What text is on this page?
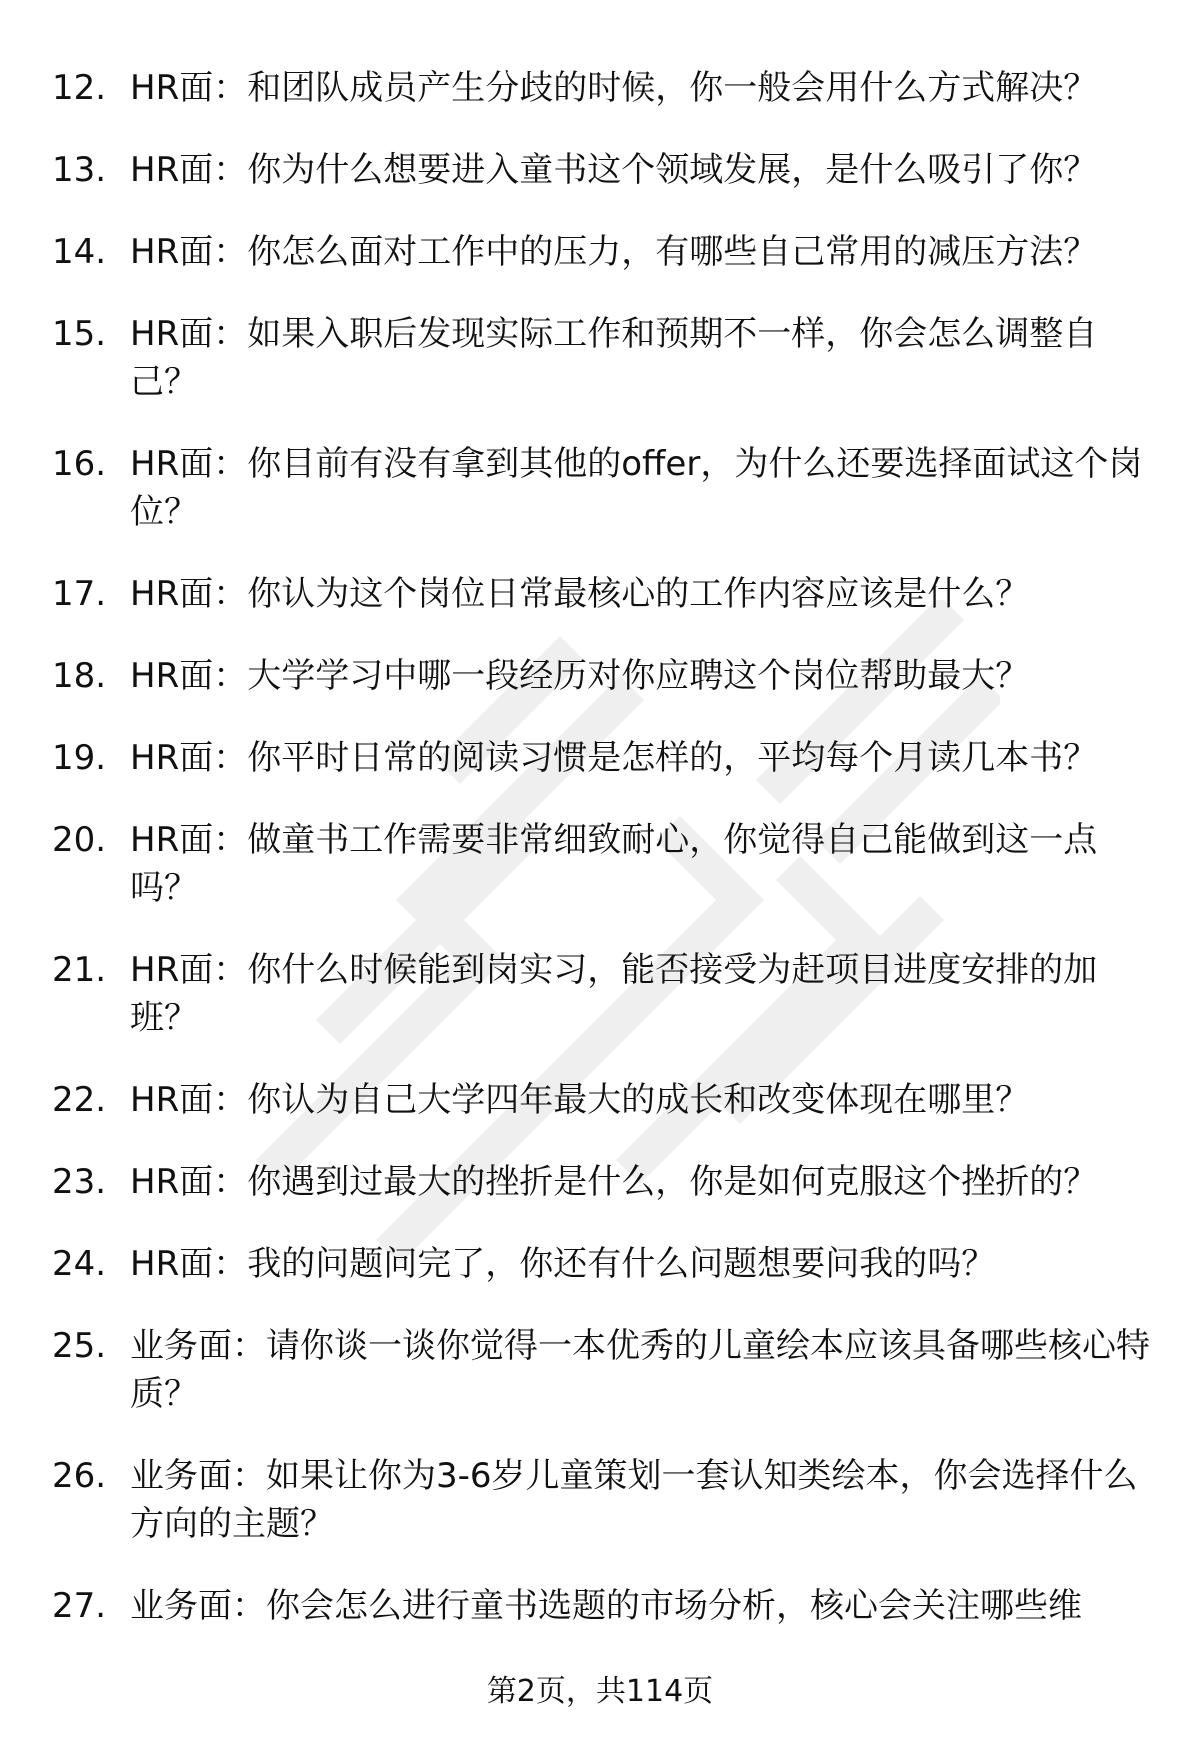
12. HR面：和团队成员产生分歧的时候，你一般会用什么方式解决？
13. HR面：你为什么想要进入童书这个领域发展，是什么吸引了你？
14. HR面：你怎么面对工作中的压力，有哪些自己常用的减压方法？
15. HR面：如果入职后发现实际工作和预期不一样，你会怎么调整自己？
16. HR面：你目前有没有拿到其他的offer，为什么还要选择面试这个岗位？
17. HR面：你认为这个岗位日常最核心的工作内容应该是什么？
18. HR面：大学学习中哪一段经历对你应聘这个岗位帮助最大？
19. HR面：你平时日常的阅读习惯是怎样的，平均每个月读几本书？
20. HR面：做童书工作需要非常细致耐心，你觉得自己能做到这一点吗？
21. HR面：你什么时候能到岗实习，能否接受为赶项目进度安排的加班？
22. HR面：你认为自己大学四年最大的成长和改变体现在哪里？
23. HR面：你遇到过最大的挫折是什么，你是如何克服这个挫折的？
24. HR面：我的问题问完了，你还有什么问题想要问我的吗？
25. 业务面：请你谈一谈你觉得一本优秀的儿童绘本应该具备哪些核心特质？
26. 业务面：如果让你为3-6岁儿童策划一套认知类绘本，你会选择什么方向的主题？
27. 业务面：你会怎么进行童书选题的市场分析，核心会关注哪些维
第2页，共114页
